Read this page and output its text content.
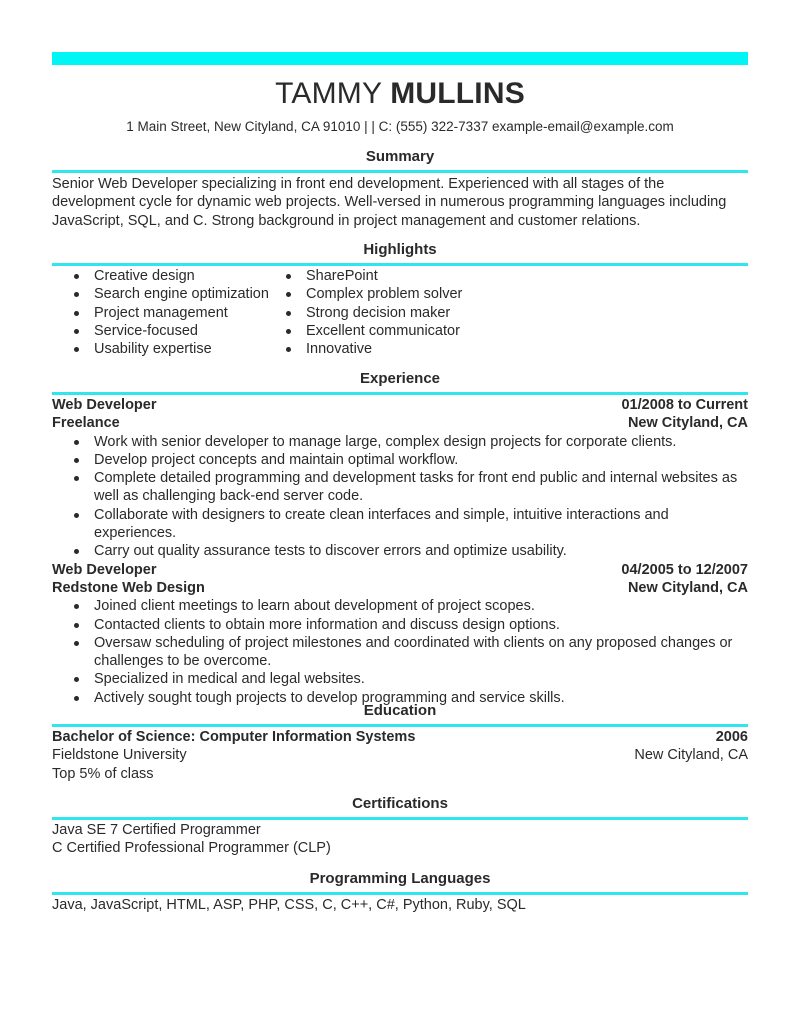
TAMMY MULLINS
1 Main Street, New Cityland, CA 91010 | | C: (555) 322-7337 example-email@example.com
Summary
Senior Web Developer specializing in front end development. Experienced with all stages of the development cycle for dynamic web projects. Well-versed in numerous programming languages including JavaScript, SQL, and C. Strong background in project management and customer relations.
Highlights
Creative design
Search engine optimization
Project management
Service-focused
Usability expertise
SharePoint
Complex problem solver
Strong decision maker
Excellent communicator
Innovative
Experience
Web Developer	01/2008 to Current
Freelance	New Cityland, CA
Work with senior developer to manage large, complex design projects for corporate clients.
Develop project concepts and maintain optimal workflow.
Complete detailed programming and development tasks for front end public and internal websites as well as challenging back-end server code.
Collaborate with designers to create clean interfaces and simple, intuitive interactions and experiences.
Carry out quality assurance tests to discover errors and optimize usability.
Web Developer	04/2005 to 12/2007
Redstone Web Design	New Cityland, CA
Joined client meetings to learn about development of project scopes.
Contacted clients to obtain more information and discuss design options.
Oversaw scheduling of project milestones and coordinated with clients on any proposed changes or challenges to be overcome.
Specialized in medical and legal websites.
Actively sought tough projects to develop programming and service skills.
Education
Bachelor of Science: Computer Information Systems	2006
Fieldstone University	New Cityland, CA
Top 5% of class
Certifications
Java SE 7 Certified Programmer
C Certified Professional Programmer (CLP)
Programming Languages
Java, JavaScript, HTML, ASP, PHP, CSS, C, C++, C#, Python, Ruby, SQL
